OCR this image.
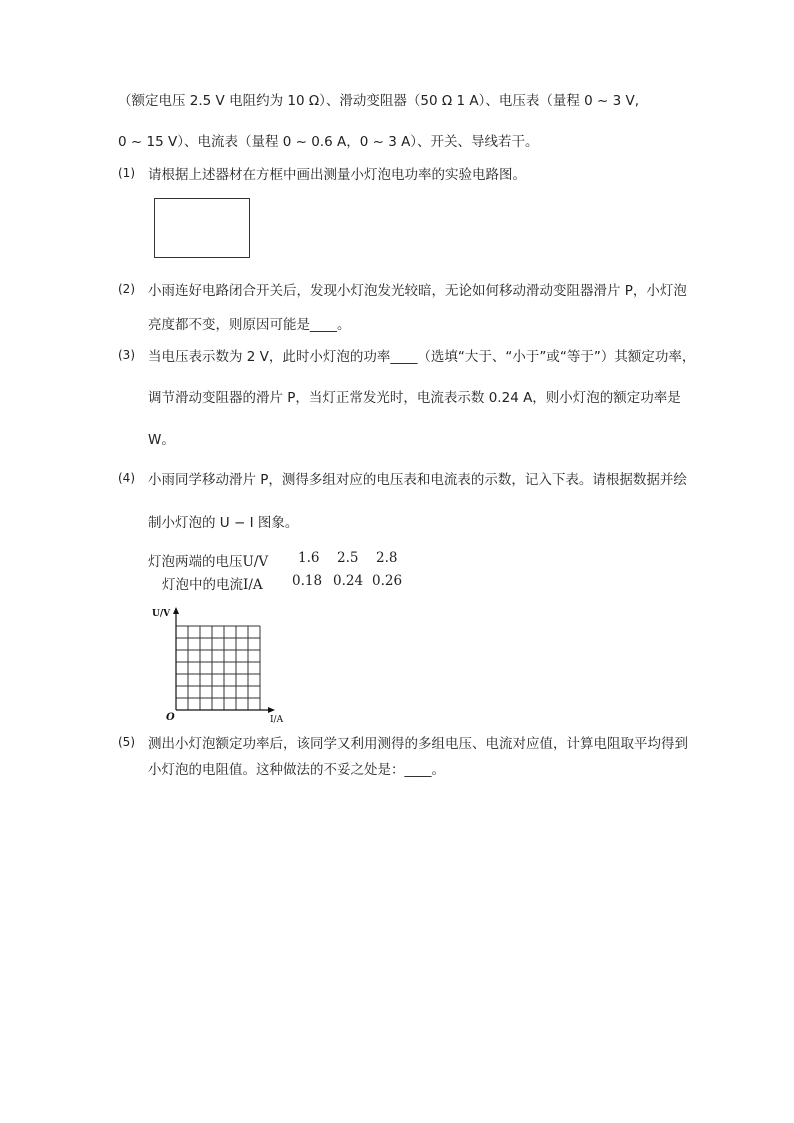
（额定电压 2.5 V 电阻约为 10 Ω）、滑动变阻器（50 Ω 1 A）、电压表（量程 0 ~ 3 V,
0 ~ 15 V）、电流表（量程 0 ~ 0.6 A，0 ~ 3 A）、开关、导线若干。
(1) 请根据上述器材在方框中画出测量小灯泡电功率的实验电路图。
(2) 小雨连好电路闭合开关后，发现小灯泡发光较暗，无论如何移动滑动变阻器滑片 P，小灯泡
亮度都不变，则原因可能是____。
(3) 当电压表示数为 2 V，此时小灯泡的功率____（选填“大于、“小于”或“等于”）其额定功率，
调节滑动变阻器的滑片 P，当灯正常发光时，电流表示数 0.24 A，则小灯泡的额定功率是
W。
(4) 小雨同学移动滑片 P，测得多组对应的电压表和电流表的示数，记入下表。请根据数据并绘
制小灯泡的 U − I 图象。
灯泡两端的电压U/V 1.6 2.5 2.8
灯泡中的电流I/A 0.18 0.24 0.26
U/V
I/A
O
(5) 测出小灯泡额定功率后，该同学又利用测得的多组电压、电流对应值，计算电阻取平均得到
小灯泡的电阻值。这种做法的不妥之处是：____。
